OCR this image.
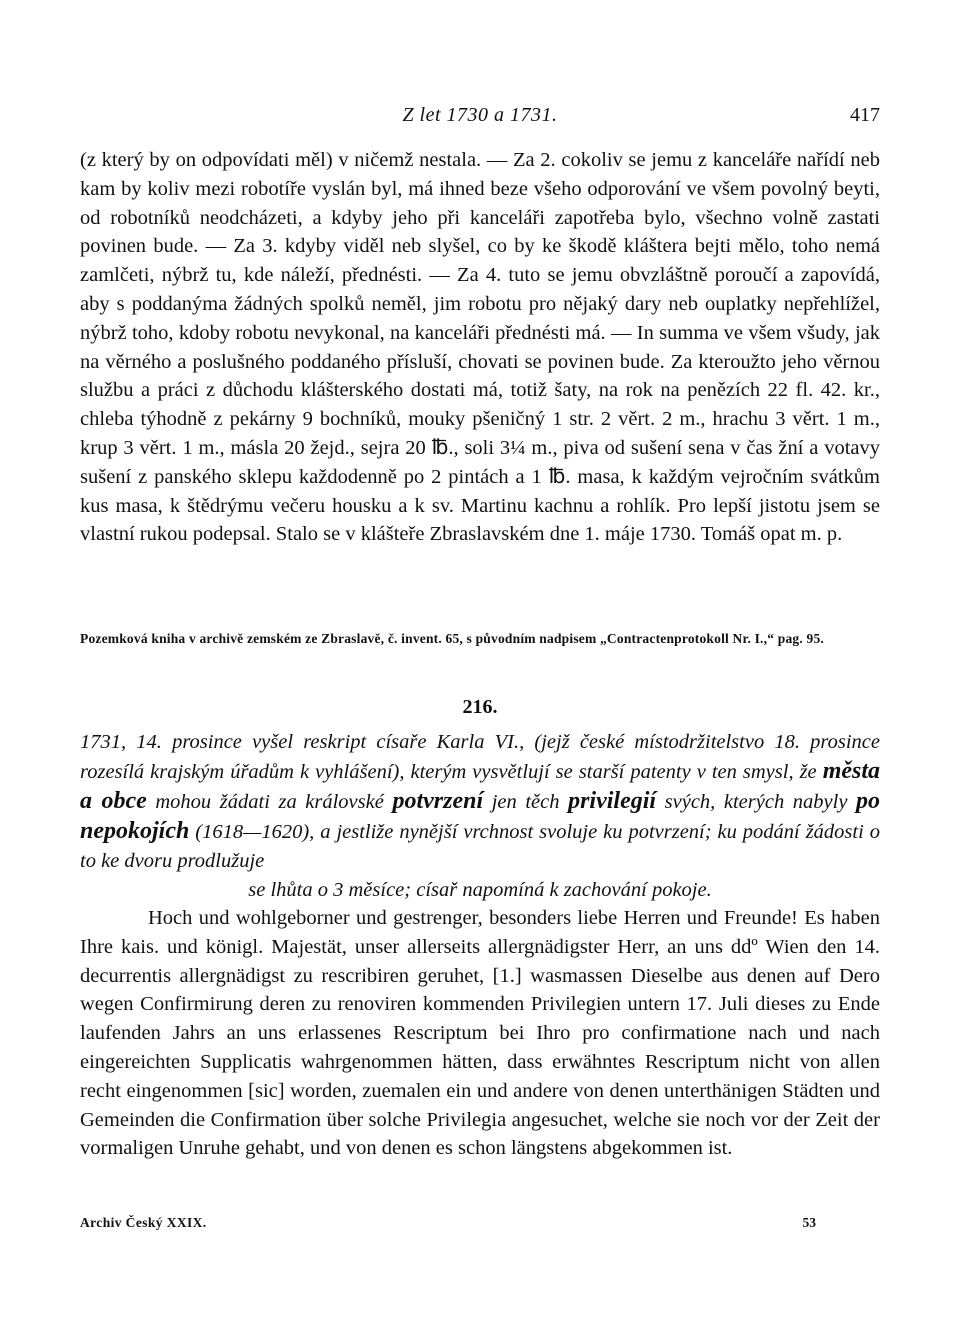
Z let 1730 a 1731.	417

(z který by on odpovídati měl) v ničemž nestala. — Za 2. cokoliv se jemu z kanceláře nařídí neb kam by koliv mezi robotíře vyslán byl, má ihned beze všeho odporování ve všem povolný beyti, od robotníků neodcházeti, a kdyby jeho při kanceláři zapotřeba bylo, všechno volně zastati povinen bude. — Za 3. kdyby viděl neb slyšel, co by ke škodě kláštera bejti mělo, toho nemá zamlčeti, nýbrž tu, kde náleží, přednésti. — Za 4. tuto se jemu obvzláštně poroučí a zapovídá, aby s poddanýma žádných spolků neměl, jim robotu pro nějaký dary neb ouplatky nepřehlížel, nýbrž toho, kdoby robotu nevykonal, na kanceláři přednésti má. — In summa ve všem všudy, jak na věrného a poslušného poddaného přísluší, chovati se povinen bude. Za kteroužto jeho věrnou službu a práci z důchodu klášterského dostati má, totiž šaty, na rok na penězích 22 fl. 42. kr., chleba týhodně z pekárny 9 bochníků, mouky pšeničný 1 str. 2 věrt. 2 m., hrachu 3 věrt. 1 m., krup 3 věrt. 1 m., másla 20 žejd., sejra 20 ℔., soli 3¼ m., piva od sušení sena v čas žní a votavy sušení z panského sklepu každodenně po 2 pintách a 1 ℔. masa, k každým vejročním svátkům kus masa, k štědrýmu večeru housku a k sv. Martinu kachnu a rohlík. Pro lepší jistotu jsem se vlastní rukou podepsal. Stalo se v klášteře Zbraslavském dne 1. máje 1730. Tomáš opat m. p.

Pozemková kniha v archivě zemském ze Zbraslavě, č. invent. 65, s původním nadpisem „Contractenprotokoll Nr. I.,“ pag. 95.

216.

1731, 14. prosince vyšel reskript císaře Karla VI., (jejž české místodržitelstvo 18. prosince rozesílá krajským úřadům k vyhlášení), kterým vysvětlují se starší patenty v ten smysl, že města a obce mohou žádati za královské potvrzení jen těch privilegií svých, kterých nabyly po nepokojích (1618—1620), a jestliže nynější vrchnost svoluje ku potvrzení; ku podání žádosti o to ke dvoru prodlužuje
se lhůta o 3 měsíce; císař napomíná k zachování pokoje.

Hoch und wohlgeborner und gestrenger, besonders liebe Herren und Freunde! Es haben Ihre kais. und königl. Majestät, unser allerseits allergnädigster Herr, an uns ddº Wien den 14. decurrentis allergnädigst zu rescribiren geruhet, [1.] wasmassen Dieselbe aus denen auf Dero wegen Confirmirung deren zu renoviren kommenden Privilegien untern 17. Juli dieses zu Ende laufenden Jahrs an uns erlassenes Rescriptum bei Ihro pro confirmatione nach und nach eingereichten Supplicatis wahrgenommen hätten, dass erwähntes Rescriptum nicht von allen recht eingenommen [sic] worden, zuemalen ein und andere von denen unterthänigen Städten und Gemeinden die Confirmation über solche Privilegia angesuchet, welche sie noch vor der Zeit der vormaligen Unruhe gehabt, und von denen es schon längstens abgekommen ist.

Archiv Český XXIX.	53
